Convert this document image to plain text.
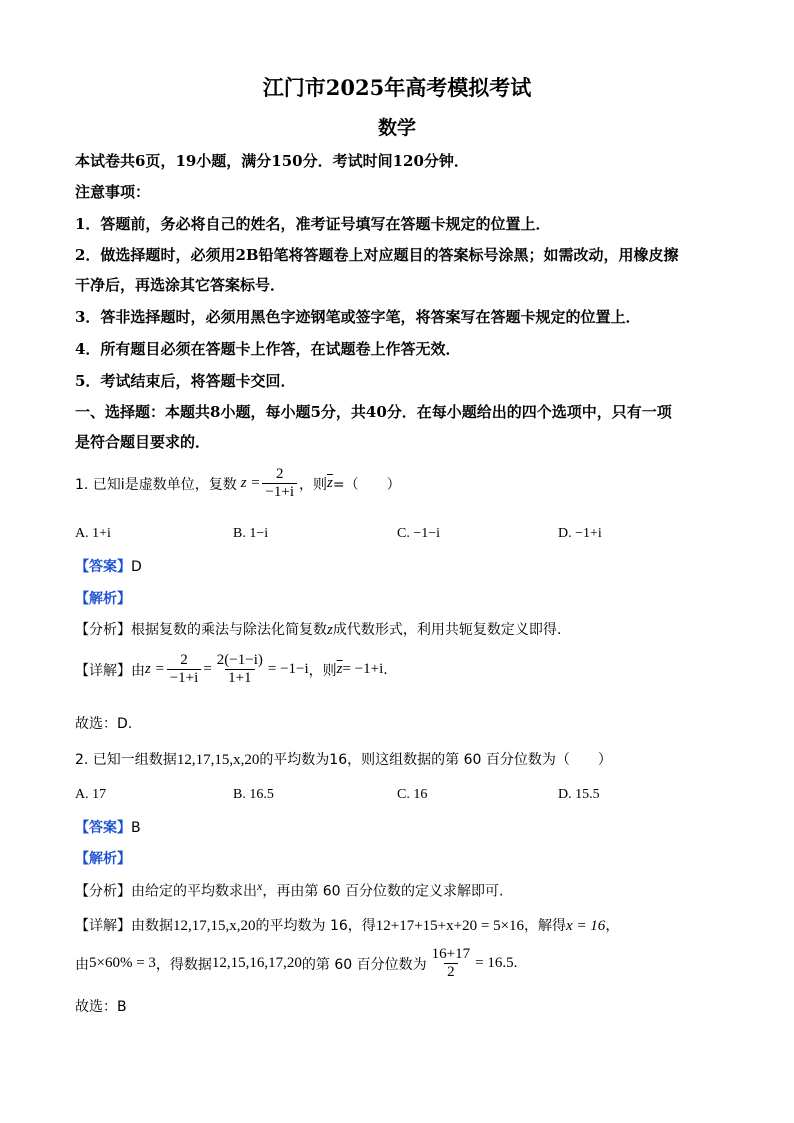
江门市2025年高考模拟考试
数学
本试卷共6页，19小题，满分150分．考试时间120分钟．
注意事项：
1．答题前，务必将自己的姓名，准考证号填写在答题卡规定的位置上．
2．做选择题时，必须用2B铅笔将答题卷上对应题目的答案标号涂黑；如需改动，用橡皮擦
干净后，再选涂其它答案标号．
3．答非选择题时，必须用黑色字迹钢笔或签字笔，将答案写在答题卡规定的位置上．
4．所有题目必须在答题卡上作答，在试题卷上作答无效．
5．考试结束后，将答题卡交回．
一、选择题：本题共8小题，每小题5分，共40分．在每小题给出的四个选项中，只有一项
是符合题目要求的．
1. 已知i是虚数单位，复数 $z = \frac{2}{-1+i}$ ，则 $\overline{z}$ =（　　）
A. 1+i	B. 1−i	C. −1−i	D. −1+i
【答案】D
【解析】
【分析】根据复数的乘法与除法化简复数z成代数形式，利用共轭复数定义即得.
【详解】 由 $z = \frac{2}{-1+i} = \frac{2(-1-i)}{1+1} = -1-i$ ，则 $\overline{z} = -1+i$ .
故选：D.
2. 已知一组数据12,17,15,x,20的平均数为16，则这组数据的第 60 百分位数为（　　）
A. 17	B. 16.5	C. 16	D. 15.5
【答案】B
【解析】
【分析】由给定的平均数求出x，再由第 60 百分位数的定义求解即可.
【详解】由数据12,17,15,x,20的平均数为 16，得12+17+15+x+20 = 5×16，解得x = 16，
由 5×60% = 3 ，得数据 12,15,16,17,20 的第 60 百分位数为 $\frac{16+17}{2} = 16.5$.
故选：B
